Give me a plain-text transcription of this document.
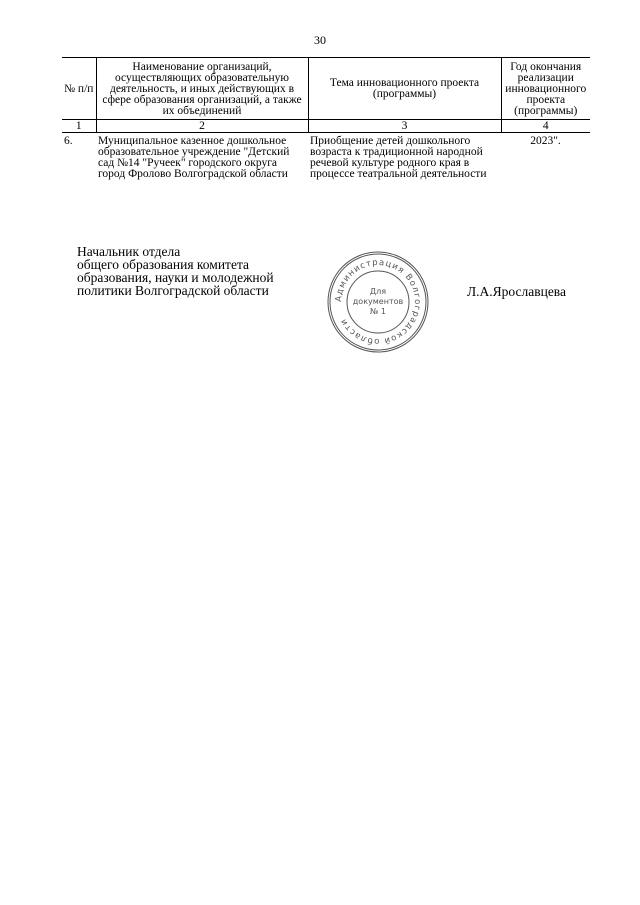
30
№ п/п	Наименование организаций, осуществляющих образовательную деятельность, и иных действующих в сфере образования организаций, а также их объединений	Тема инновационного проекта (программы)	Год окончания реализации инновационного проекта (программы)
1	2	3	4
6.	Муниципальное казенное дошкольное образовательное учреждение "Детский сад №14 "Ручеек" городского округа город Фролово Волгоградской области	Приобщение детей дошкольного возраста к традиционной народной речевой культуре родного края в процессе театральной деятельности	2023".
Начальник отдела
общего образования комитета
образования, науки и молодежной
политики Волгоградской области
Администрация Волгоградской области
Для
документов
№ 1
Л.А.Ярославцева
